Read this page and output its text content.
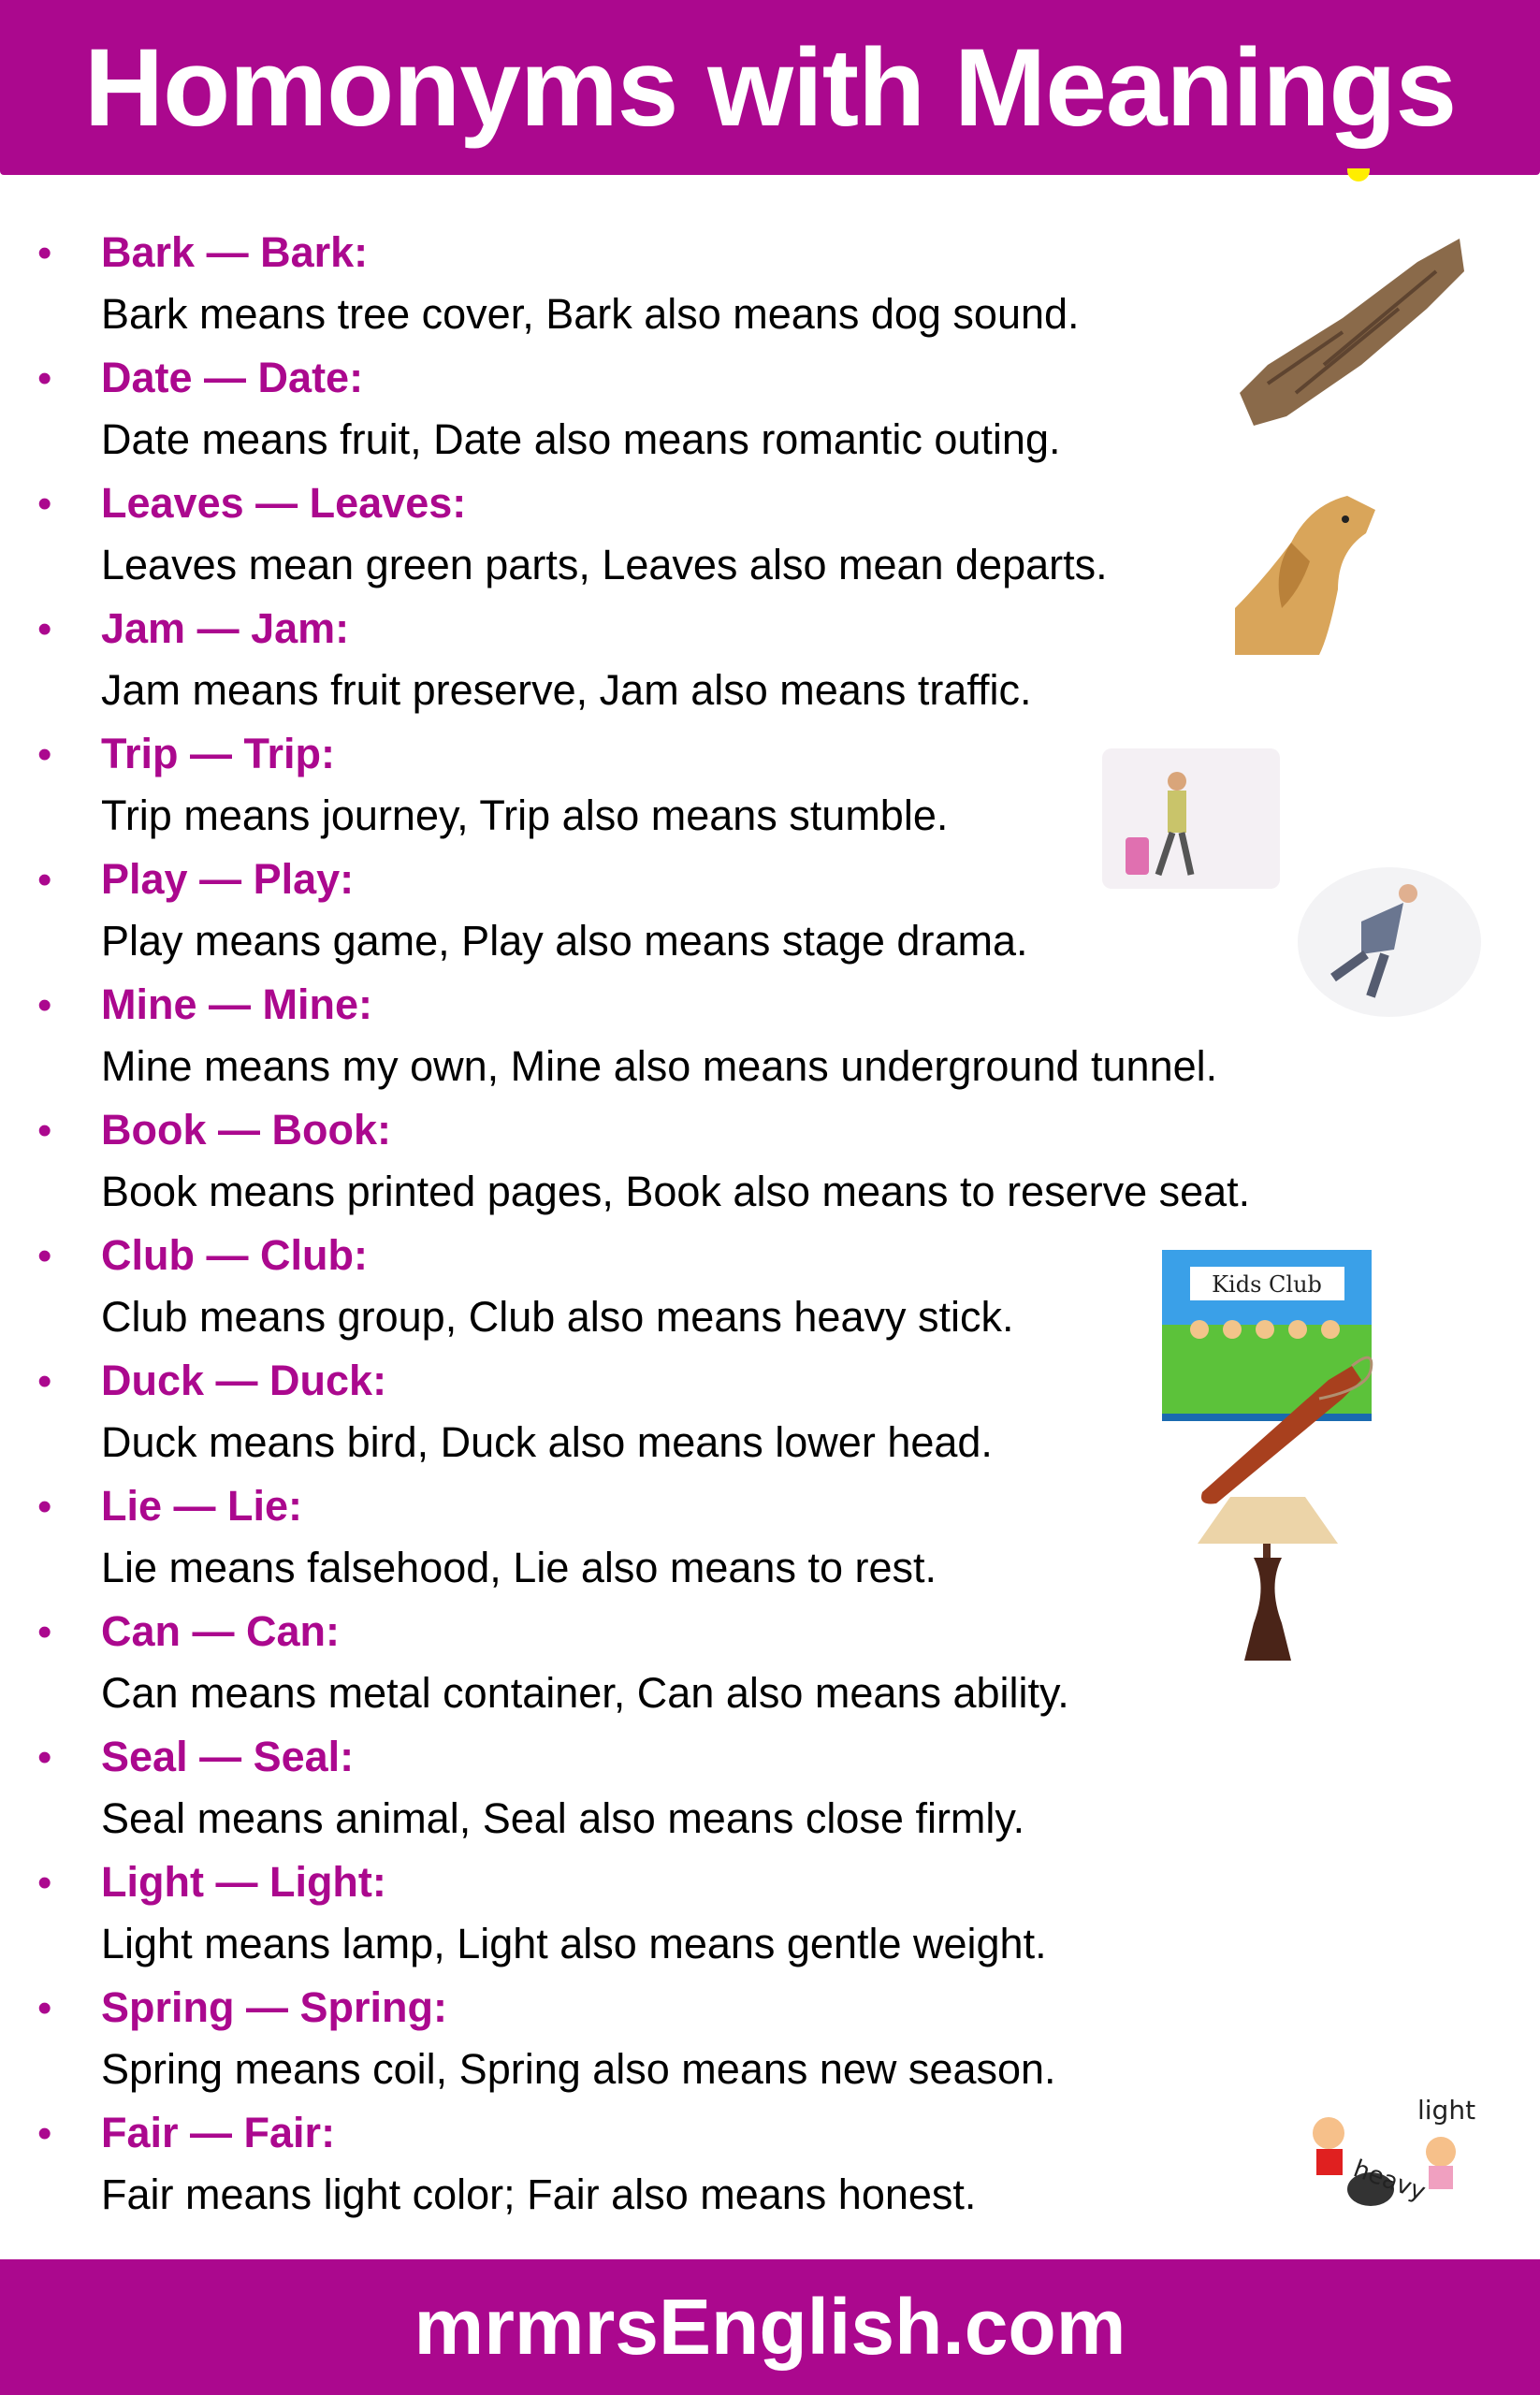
Homonyms with Meanings
• Bark — Bark:
Bark means tree cover, Bark also means dog sound.
• Date — Date:
Date means fruit, Date also means romantic outing.
• Leaves — Leaves:
Leaves mean green parts, Leaves also mean departs.
• Jam — Jam:
Jam means fruit preserve, Jam also means traffic.
• Trip — Trip:
Trip means journey, Trip also means stumble.
• Play — Play:
Play means game, Play also means stage drama.
• Mine — Mine:
Mine means my own, Mine also means underground tunnel.
• Book — Book:
Book means printed pages, Book also means to reserve seat.
• Club — Club:
Club means group, Club also means heavy stick.
• Duck — Duck:
Duck means bird, Duck also means lower head.
• Lie — Lie:
Lie means falsehood, Lie also means to rest.
• Can — Can:
Can means metal container, Can also means ability.
• Seal — Seal:
Seal means animal, Seal also means close firmly.
• Light — Light:
Light means lamp, Light also means gentle weight.
• Spring — Spring:
Spring means coil, Spring also means new season.
• Fair — Fair:
Fair means light color; Fair also means honest.
Kids Club
heavy
light
mrmrsEnglish.com
